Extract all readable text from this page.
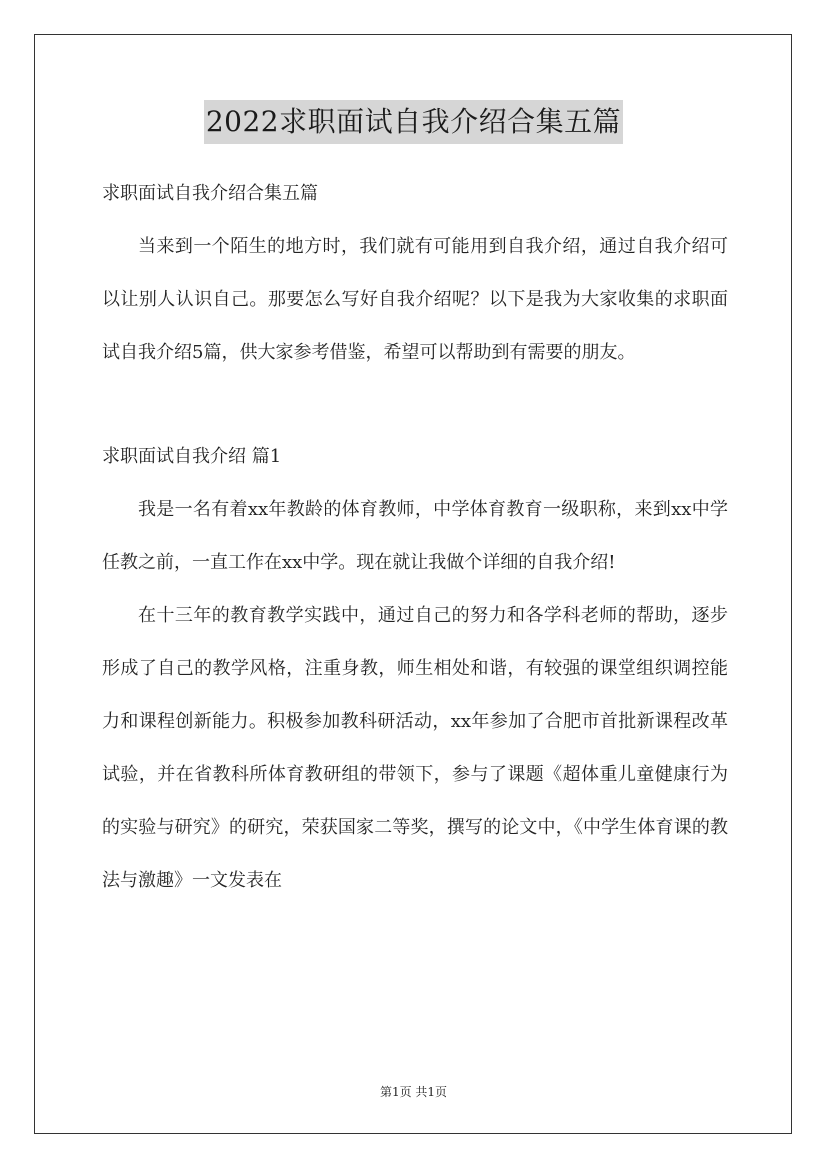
2022求职面试自我介绍合集五篇
求职面试自我介绍合集五篇

当来到一个陌生的地方时，我们就有可能用到自我介绍，通过自我介绍可以让别人认识自己。那要怎么写好自我介绍呢？以下是我为大家收集的求职面试自我介绍5篇，供大家参考借鉴，希望可以帮助到有需要的朋友。

求职面试自我介绍 篇1

我是一名有着xx年教龄的体育教师，中学体育教育一级职称，来到xx中学任教之前，一直工作在xx中学。现在就让我做个详细的自我介绍!

在十三年的教育教学实践中，通过自己的努力和各学科老师的帮助，逐步形成了自己的教学风格，注重身教，师生相处和谐，有较强的课堂组织调控能力和课程创新能力。积极参加教科研活动，xx年参加了合肥市首批新课程改革试验，并在省教科所体育教研组的带领下，参与了课题《超体重儿童健康行为的实验与研究》的研究，荣获国家二等奖，撰写的论文中，《中学生体育课的教法与激趣》一文发表在

第1页 共1页
